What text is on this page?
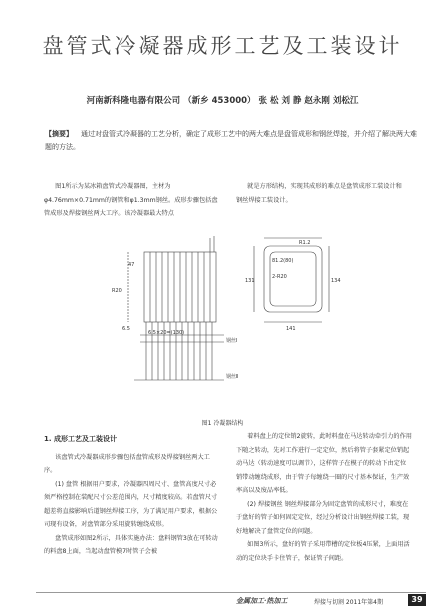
盘管式冷凝器成形工艺及工装设计
河南新科隆电器有限公司 （新乡 453000） 张 松 刘 静 赵永刚 刘松江
【摘要】 通过对盘管式冷凝器的工艺分析，确定了成形工艺中的两大难点是盘管成形和钢丝焊接，并介绍了解决两大难题的方法。
图1所示为某冰箱盘管式冷凝器图，主材为φ4.76mm×0.71mm的钢管和φ1.3mm钢丝。成形步骤包括盘管成形及焊接钢丝两大工序。该冷凝器最大特点
就是方形结构，实现其成形的难点是盘管成形工装设计和钢丝焊接工装设计。
47
R20
6.5
6.5×20=(130)
钢丝Ⅰ
钢丝Ⅱ
R1.2
81.2(80)
2-R20
131	134
141
图1 冷凝器结构
1. 成形工艺及工装设计

该盘管式冷凝器成形步骤包括盘管成形及焊接钢丝两大工序。

(1) 盘管 根据用户要求，冷凝器四周尺寸、盘管高度尺寸必须严格控制在装配尺寸公差范围内，尺寸精度较高。若盘管尺寸超差将直接影响后道钢丝焊接工序，为了满足用户要求，根据公司现有设备，对盘管部分采用旋转缠绕成形。

盘管成形如图2所示，具体实施办法：盘料钢管3放在可转动的料盘8上面，当起动盘管模7时管子会被

着料盘上的定位销2旋转，此时料盘在马达转动牵引力的作用下随之转动，先对工作进行一定定位，然后将管子套紧定位销起动马达（转动速度可以调节），这样管子在模子的转动下由定位销带动缠绕成形，由于管子每缠绕一圈的尺寸基本保证，生产效率高以及废品率低。

(2) 焊接钢丝 钢丝焊接部分为固定盘管的成形尺寸，难度在于盘好的管子如何固定定位，经过分析设计出钢丝焊接工装，现好地解决了盘管定位的问题。

如图3所示，盘好的管子采用带槽的定位板4压紧，上面用活动的定位块手卡住管子，保证管子间距。

金属加工·热加工	焊接与切割 2011年第4期	39
